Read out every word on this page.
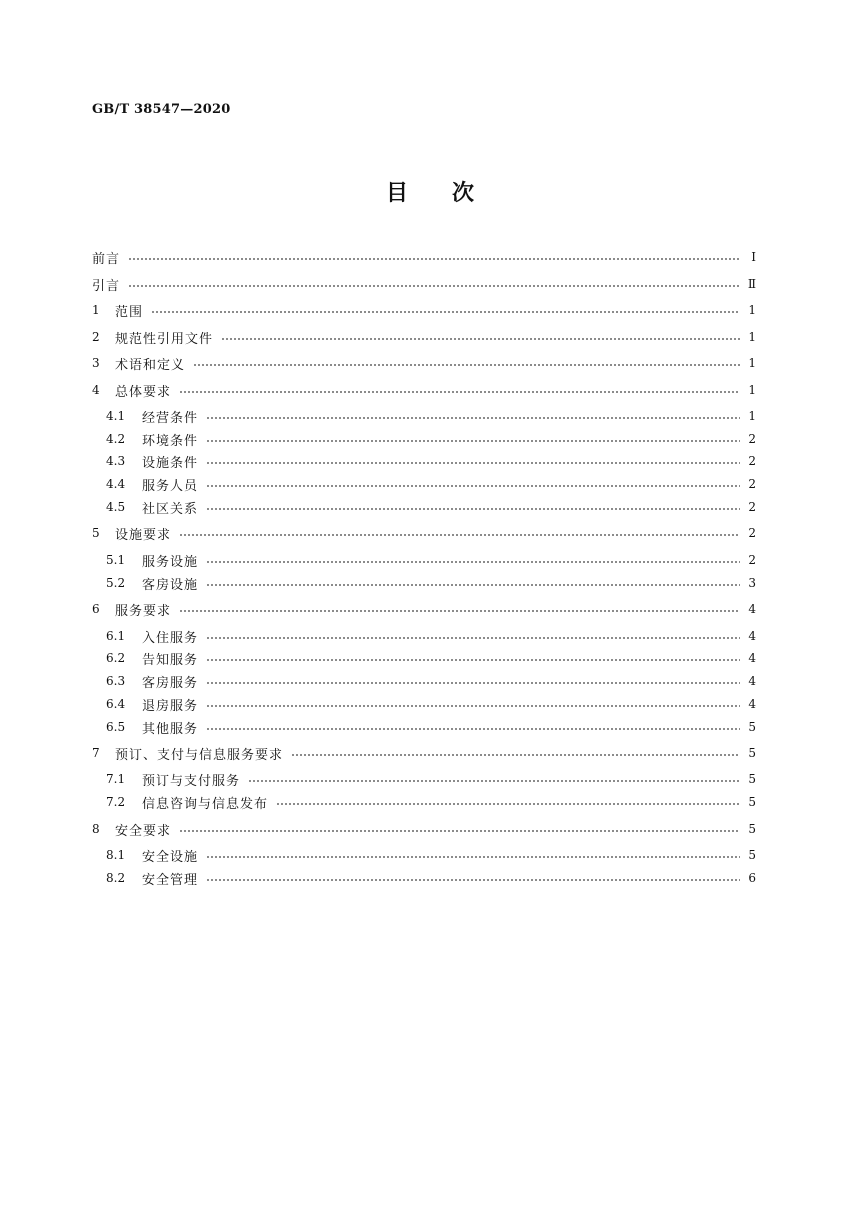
GB/T 38547—2020
目 次
前言	Ⅰ
引言	Ⅱ
1	范围	1
2	规范性引用文件	1
3	术语和定义	1
4	总体要求	1
4.1	经营条件	1
4.2	环境条件	2
4.3	设施条件	2
4.4	服务人员	2
4.5	社区关系	2
5	设施要求	2
5.1	服务设施	2
5.2	客房设施	3
6	服务要求	4
6.1	入住服务	4
6.2	告知服务	4
6.3	客房服务	4
6.4	退房服务	4
6.5	其他服务	5
7	预订、支付与信息服务要求	5
7.1	预订与支付服务	5
7.2	信息咨询与信息发布	5
8	安全要求	5
8.1	安全设施	5
8.2	安全管理	6
